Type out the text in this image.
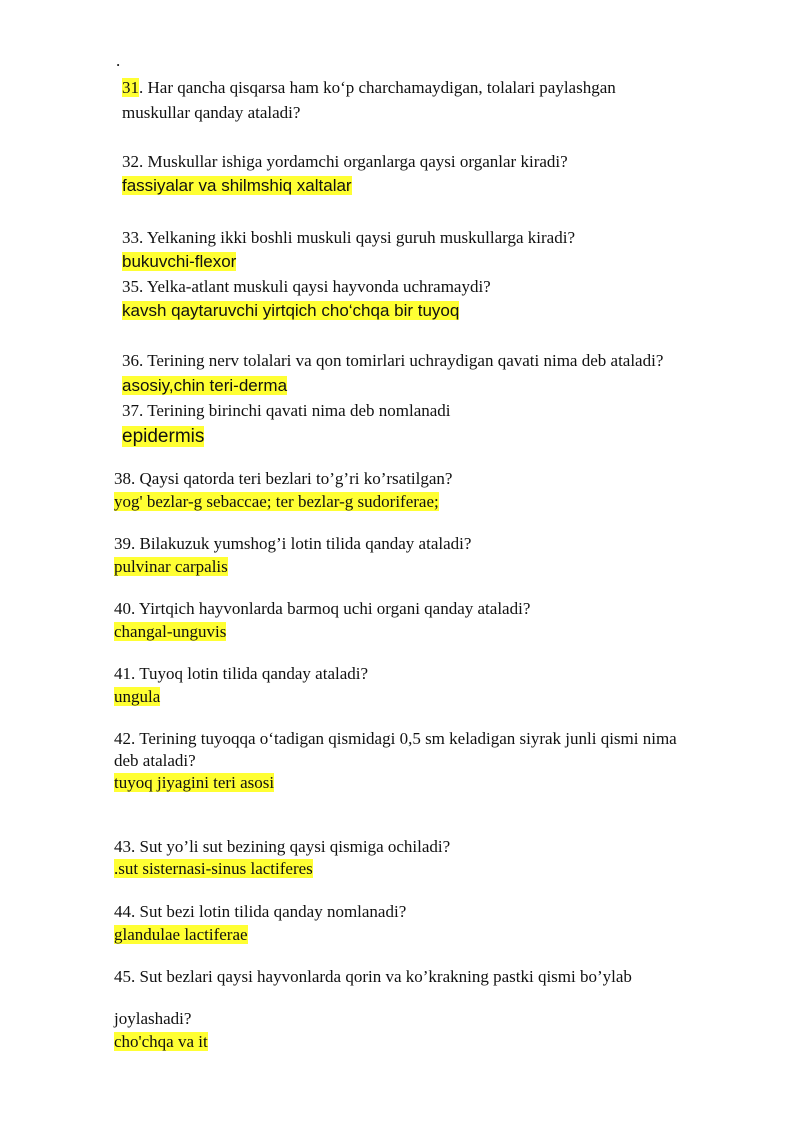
.
31. Har qancha qisqarsa ham ko‘p charchamaydigan, tolalari paylashgan
muskullar qanday ataladi?
32. Muskullar ishiga yordamchi organlarga qaysi organlar kiradi?
fassiyalar va shilmshiq xaltalar
33. Yelkaning ikki boshli muskuli qaysi guruh muskullarga kiradi?
bukuvchi-flexor
35. Yelka-atlant muskuli qaysi hayvonda uchramaydi?
kavsh qaytaruvchi yirtqich cho‘chqa bir tuyoq
36. Terining nerv tolalari va qon tomirlari uchraydigan qavati nima deb ataladi?
asosiy,chin teri-derma
37. Terining birinchi qavati nima deb nomlanadi
epidermis
38. Qaysi qatorda teri bezlari to’g’ri ko’rsatilgan?
yog' bezlar-g sebaccae; ter bezlar-g sudoriferae;
39. Bilakuzuk yumshog’i lotin tilida qanday ataladi?
pulvinar carpalis
40. Yirtqich hayvonlarda barmoq uchi organi qanday ataladi?
changal-unguvis
41. Tuyoq lotin tilida qanday ataladi?
ungula
42. Terining tuyoqqa o‘tadigan qismidagi 0,5 sm keladigan siyrak junli qismi nima
deb ataladi?
tuyoq jiyagini teri asosi
43. Sut yo’li sut bezining qaysi qismiga ochiladi?
.sut sisternasi-sinus lactiferes
44. Sut bezi lotin tilida qanday nomlanadi?
glandulae lactiferae
45. Sut bezlari qaysi hayvonlarda qorin va ko’krakning pastki qismi bo’ylab
joylashadi?
cho'chqa va it
